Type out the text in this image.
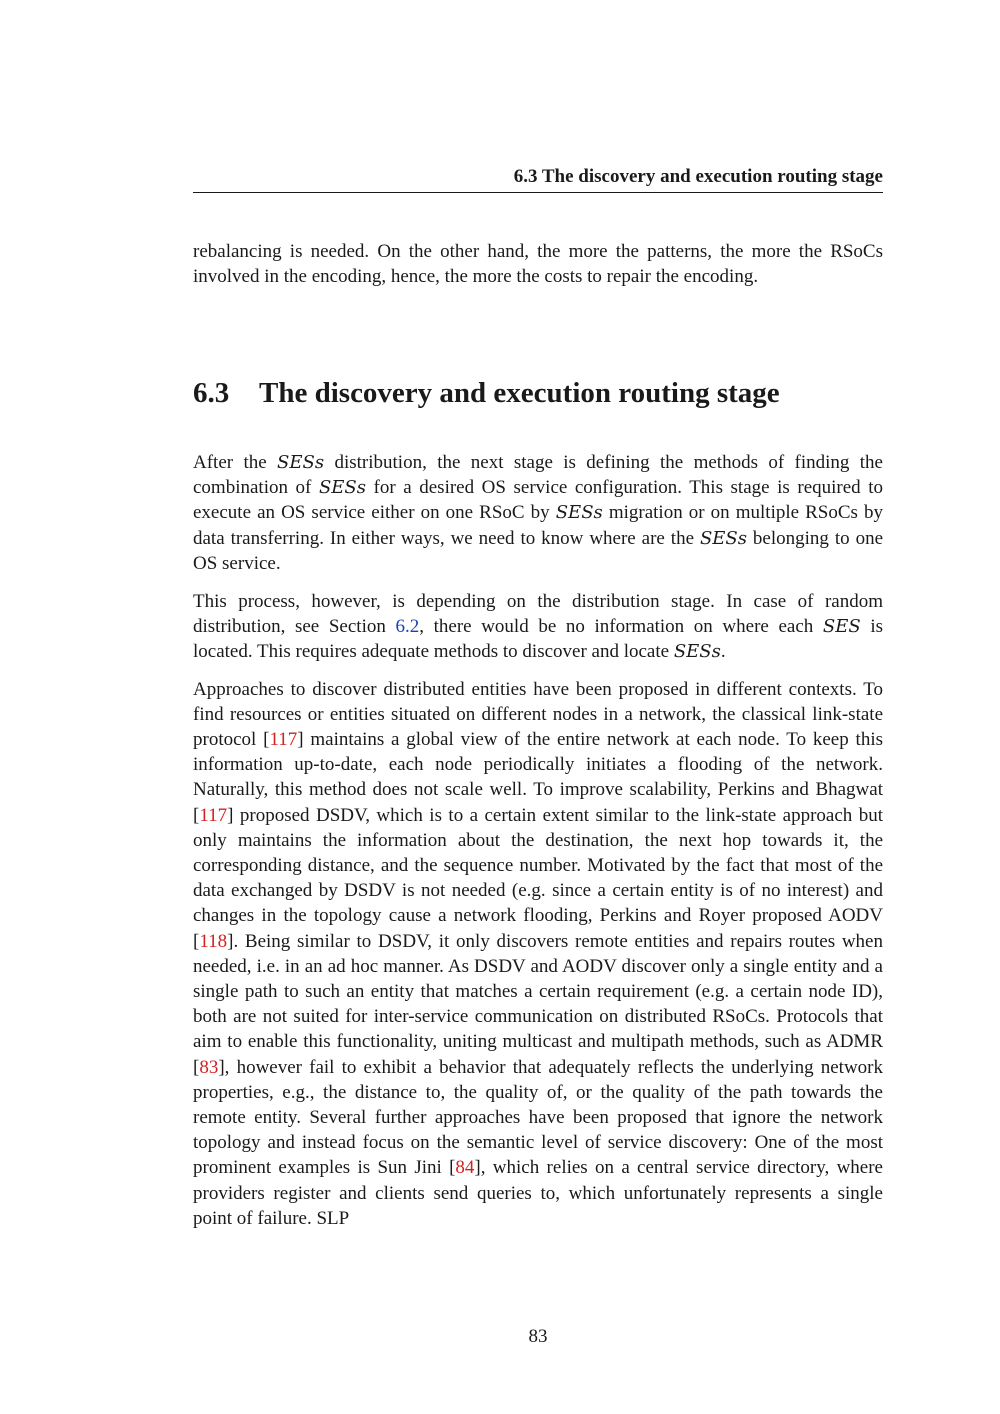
6.3 The discovery and execution routing stage

rebalancing is needed. On the other hand, the more the patterns, the more the RSoCs involved in the encoding, hence, the more the costs to repair the encoding.

6.3 The discovery and execution routing stage

After the SESs distribution, the next stage is defining the methods of finding the combination of SESs for a desired OS service configuration. This stage is required to execute an OS service either on one RSoC by SESs migration or on multiple RSoCs by data transferring. In either ways, we need to know where are the SESs belonging to one OS service.

This process, however, is depending on the distribution stage. In case of random distribution, see Section 6.2, there would be no information on where each SES is located. This requires adequate methods to discover and locate SESs.

Approaches to discover distributed entities have been proposed in different contexts. To find resources or entities situated on different nodes in a network, the classical link-state protocol [117] maintains a global view of the entire network at each node. To keep this information up-to-date, each node periodically initiates a flooding of the network. Naturally, this method does not scale well. To improve scalability, Perkins and Bhagwat [117] proposed DSDV, which is to a certain extent similar to the link-state approach but only maintains the information about the destination, the next hop towards it, the corresponding distance, and the sequence number. Motivated by the fact that most of the data exchanged by DSDV is not needed (e.g. since a certain entity is of no interest) and changes in the topology cause a network flooding, Perkins and Royer proposed AODV [118]. Being similar to DSDV, it only discovers remote entities and repairs routes when needed, i.e. in an ad hoc manner. As DSDV and AODV discover only a single entity and a single path to such an entity that matches a certain requirement (e.g. a certain node ID), both are not suited for inter-service communication on distributed RSoCs. Protocols that aim to enable this functionality, uniting multicast and multipath methods, such as ADMR [83], however fail to exhibit a behavior that adequately reflects the underlying network properties, e.g., the distance to, the quality of, or the quality of the path towards the remote entity. Several further approaches have been proposed that ignore the network topology and instead focus on the semantic level of service discovery: One of the most prominent examples is Sun Jini [84], which relies on a central service directory, where providers register and clients send queries to, which unfortunately represents a single point of failure. SLP

83
